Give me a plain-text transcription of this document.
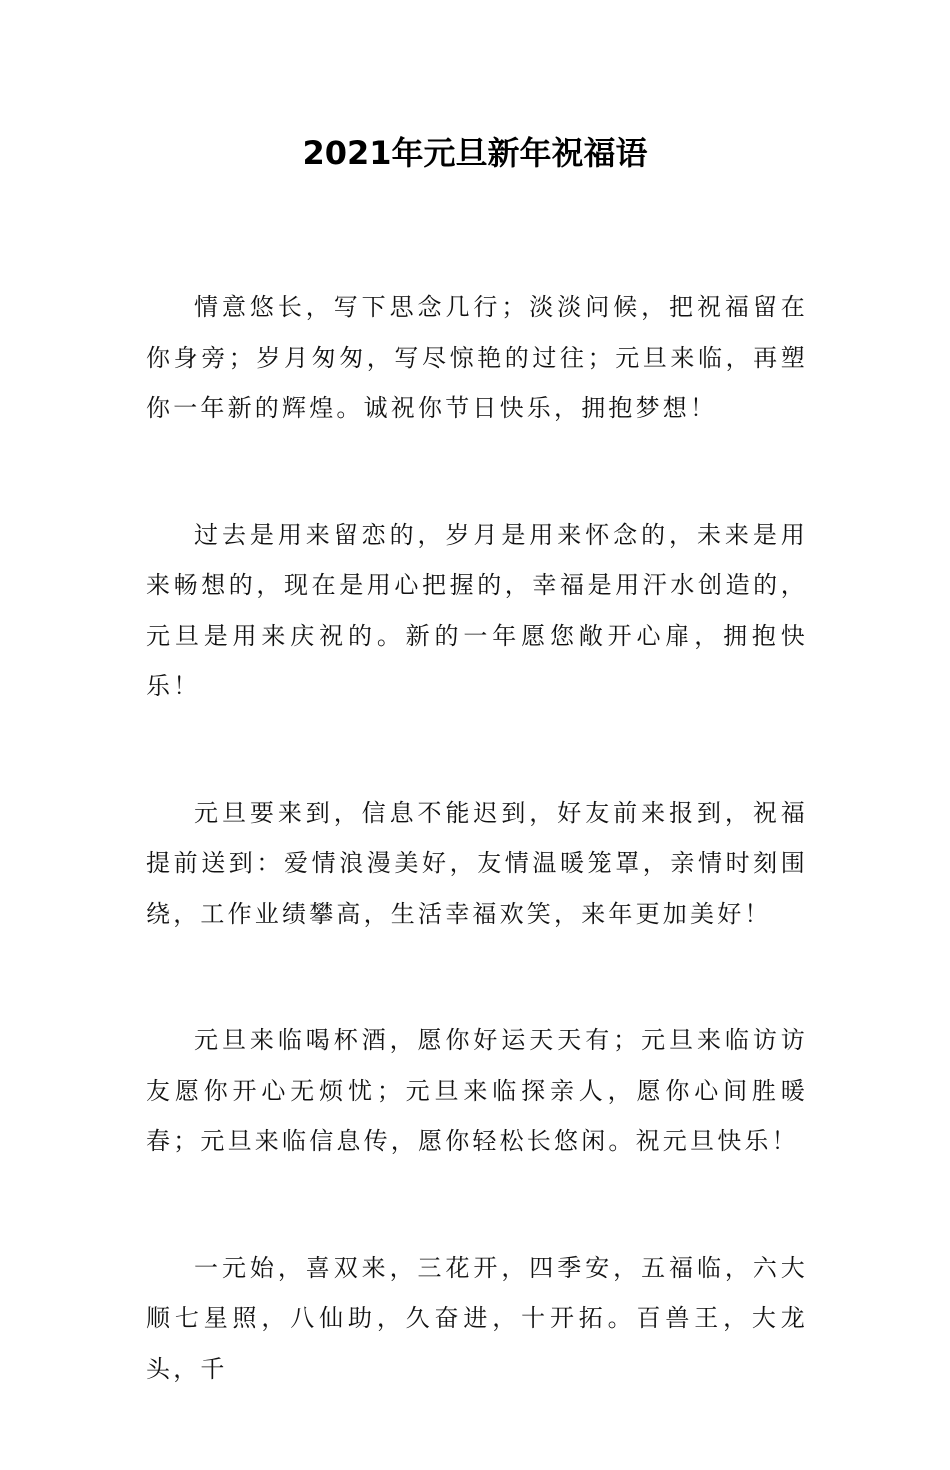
2021年元旦新年祝福语

情意悠长，写下思念几行；淡淡问候，把祝福留在你身旁；岁月匆匆，写尽惊艳的过往；元旦来临，再塑你一年新的辉煌。诚祝你节日快乐，拥抱梦想！

过去是用来留恋的，岁月是用来怀念的，未来是用来畅想的，现在是用心把握的，幸福是用汗水创造的，元旦是用来庆祝的。新的一年愿您敞开心扉，拥抱快乐！

元旦要来到，信息不能迟到，好友前来报到，祝福提前送到：爱情浪漫美好，友情温暖笼罩，亲情时刻围绕，工作业绩攀高，生活幸福欢笑，来年更加美好！

元旦来临喝杯酒，愿你好运天天有；元旦来临访访友愿你开心无烦忧；元旦来临探亲人，愿你心间胜暖春；元旦来临信息传，愿你轻松长悠闲。祝元旦快乐！

一元始，喜双来，三花开，四季安，五福临，六大顺七星照，八仙助，久奋进，十开拓。百兽王，大龙头，千
